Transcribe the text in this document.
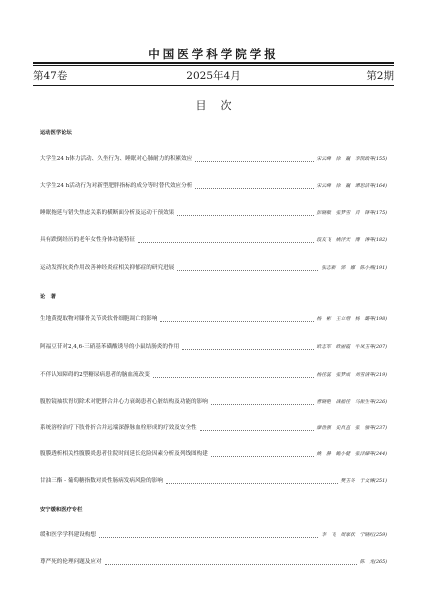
中国医学科学院学报
第47卷	2025年4月	第2期
目次
运动医学论坛
大学生24 h体力活动、久坐行为、睡眠对心肺耐力的积累效应	宋云峰　徐　巍　李凯政等(155)
大学生24 h活动行为对新型肥胖指标的成分等时替代效应分析	宋云峰　徐　巍　谭思洁等(164)
睡眠拖延与错失焦虑关系的横断面分析及运动干预效果	彭晓敏　张梦雪　肖　锋等(175)
具有跌倒经历的老年女性身体功能特征	段友飞　姚浮天　傅　涛等(182)
运动发挥抗炎作用改善神经炎症相关抑郁症的研究进展	张志新　郭　娜　陈小燕(191)
论　著
生地黄提取物对膝骨关节炎软骨细胞凋亡的影响	杨　彬　王立增　杨　璐等(198)
阿福豆苷对2,4,6-三硝基苯磺酸诱导的小鼠结肠炎的作用	欧志军　欧丽霞　牛凤玉等(207)
不伴认知障碍的2型糖尿病患者的脑血流改变	杨佳蕊　张梦成　刘雪清等(219)
腹腔镜袖状胃切除术对肥胖合并心力衰竭患者心脏结构及功能的影响	曹晓艳　战福佳　马振生等(226)
系统溶栓治疗下肢骨折合并远端深静脉血栓形成的疗效及安全性	廖世强　史自直　张　強等(237)
腹膜透析相关性腹膜炎患者住院时间延长危险因素分析及列线图构建	姚　静　鲍小健　张洋娣等(244)
甘油三酯 - 葡萄糖指数对炎性肠病发病风险的影响	樊玉冬　于文博(251)
安宁缓和医疗专栏
缓和医学学科建设构想	李　飞　周家状　宁晓红(259)
尊严死的伦理问题及应对	陈　龙(265)
